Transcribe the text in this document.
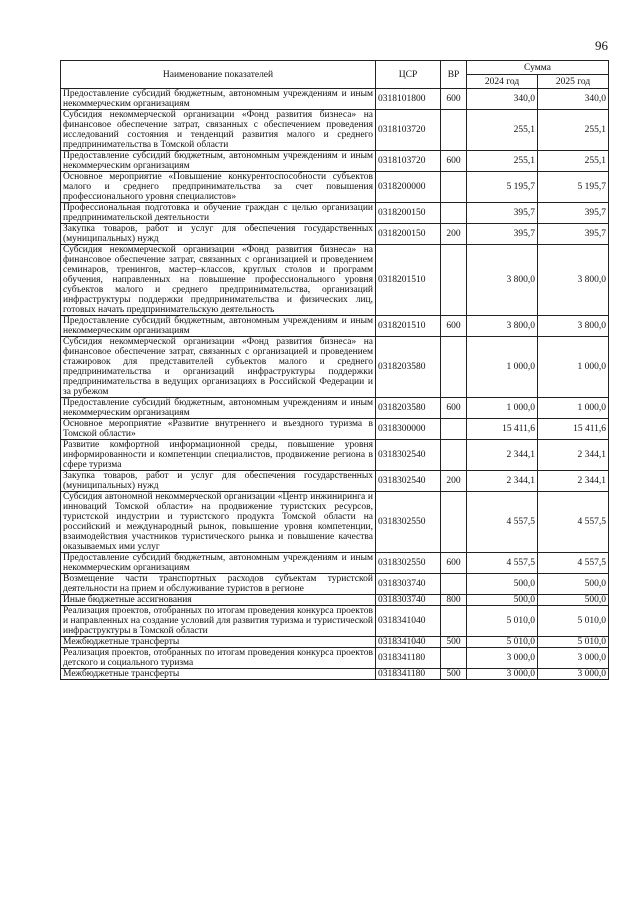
96
Наименование показателей	ЦСР	ВР	Сумма	
			2024 год	2025 год
Предоставление субсидий бюджетным, автономным учреждениям и иным некоммерческим организациям	0318101800	600	340,0	340,0
Субсидия некоммерческой организации «Фонд развития бизнеса» на финансовое обеспечение затрат, связанных с обеспечением проведения исследований состояния и тенденций развития малого и среднего предпринимательства в Томской области	0318103720		255,1	255,1
Предоставление субсидий бюджетным, автономным учреждениям и иным некоммерческим организациям	0318103720	600	255,1	255,1
Основное мероприятие «Повышение конкурентоспособности субъектов малого и среднего предпринимательства за счет повышения профессионального уровня специалистов»	0318200000		5 195,7	5 195,7
Профессиональная подготовка и обучение граждан с целью организации предпринимательской деятельности	0318200150		395,7	395,7
Закупка товаров, работ и услуг для обеспечения государственных (муниципальных) нужд	0318200150	200	395,7	395,7
Субсидия некоммерческой организации «Фонд развития бизнеса» на финансовое обеспечение затрат, связанных с организацией и проведением семинаров, тренингов, мастер–классов, круглых столов и программ обучения, направленных на повышение профессионального уровня субъектов малого и среднего предпринимательства, организаций инфраструктуры поддержки предпринимательства и физических лиц, готовых начать предпринимательскую деятельность	0318201510		3 800,0	3 800,0
Предоставление субсидий бюджетным, автономным учреждениям и иным некоммерческим организациям	0318201510	600	3 800,0	3 800,0
Субсидия некоммерческой организации «Фонд развития бизнеса» на финансовое обеспечение затрат, связанных с организацией и проведением стажировок для представителей субъектов малого и среднего предпринимательства и организаций инфраструктуры поддержки предпринимательства в ведущих организациях в Российской Федерации и за рубежом	0318203580		1 000,0	1 000,0
Предоставление субсидий бюджетным, автономным учреждениям и иным некоммерческим организациям	0318203580	600	1 000,0	1 000,0
Основное мероприятие «Развитие внутреннего и въездного туризма в Томской области»	0318300000		15 411,6	15 411,6
Развитие комфортной информационной среды, повышение уровня информированности и компетенции специалистов, продвижение региона в сфере туризма	0318302540		2 344,1	2 344,1
Закупка товаров, работ и услуг для обеспечения государственных (муниципальных) нужд	0318302540	200	2 344,1	2 344,1
Субсидия автономной некоммерческой организации «Центр инжиниринга и инноваций Томской области» на продвижение туристских ресурсов, туристской индустрии и туристского продукта Томской области на российский и международный рынок, повышение уровня компетенции, взаимодействия участников туристического рынка и повышение качества оказываемых ими услуг	0318302550		4 557,5	4 557,5
Предоставление субсидий бюджетным, автономным учреждениям и иным некоммерческим организациям	0318302550	600	4 557,5	4 557,5
Возмещение части транспортных расходов субъектам туристской деятельности на прием и обслуживание туристов в регионе	0318303740		500,0	500,0
Иные бюджетные ассигнования	0318303740	800	500,0	500,0
Реализация проектов, отобранных по итогам проведения конкурса проектов и направленных на создание условий для развития туризма и туристической инфраструктуры в Томской области	0318341040		5 010,0	5 010,0
Межбюджетные трансферты	0318341040	500	5 010,0	5 010,0
Реализация проектов, отобранных по итогам проведения конкурса проектов детского и социального туризма	0318341180		3 000,0	3 000,0
Межбюджетные трансферты	0318341180	500	3 000,0	3 000,0
